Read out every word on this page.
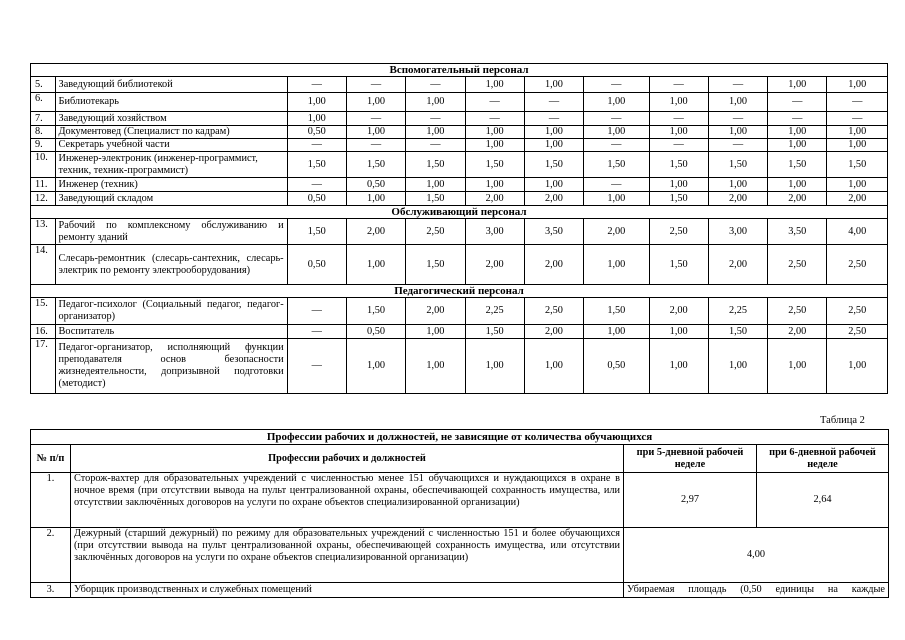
Вспомогательный персонал											
5.	Заведующий библиотекой	—	—	—	1,00	1,00	—	—	—	1,00	1,00
6.	Библиотекарь	1,00	1,00	1,00	—	—	1,00	1,00	1,00	—	—
7.	Заведующий хозяйством	1,00	—	—	—	—	—	—	—	—	—
8.	Документовед (Специалист по кадрам)	0,50	1,00	1,00	1,00	1,00	1,00	1,00	1,00	1,00	1,00
9.	Секретарь учебной части	—	—	—	1,00	1,00	—	—	—	1,00	1,00
10.	Инженер-электроник (инженер-программист, техник, техник-программист)	1,50	1,50	1,50	1,50	1,50	1,50	1,50	1,50	1,50	1,50
11.	Инженер (техник)	—	0,50	1,00	1,00	1,00	—	1,00	1,00	1,00	1,00
12.	Заведующий складом	0,50	1,00	1,50	2,00	2,00	1,00	1,50	2,00	2,00	2,00
Обслуживающий персонал											
13.	Рабочий по комплексному обслуживанию и ремонту зданий	1,50	2,00	2,50	3,00	3,50	2,00	2,50	3,00	3,50	4,00
14.	Слесарь-ремонтник (слесарь-сантехник, слесарь-электрик по ремонту электрооборудования)	0,50	1,00	1,50	2,00	2,00	1,00	1,50	2,00	2,50	2,50
Педагогический персонал											
15.	Педагог-психолог (Социальный педагог, педагог-организатор)	—	1,50	2,00	2,25	2,50	1,50	2,00	2,25	2,50	2,50
16.	Воспитатель	—	0,50	1,00	1,50	2,00	1,00	1,00	1,50	2,00	2,50
17.	Педагог-организатор, исполняющий функции преподавателя основ безопасности жизнедеятельности, допризывной подготовки (методист)	—	1,00	1,00	1,00	1,00	0,50	1,00	1,00	1,00	1,00
Таблица 2
Профессии рабочих и должностей, не зависящие от количества обучающихся			
№ п/п	Профессии рабочих и должностей	при 5-дневной рабочей неделе	при 6-дневной рабочей неделе
1.	Сторож-вахтер для образовательных учреждений с численностью менее 151 обучающихся и нуждающихся в охране в ночное время (при отсутствии вывода на пульт централизованной охраны, обеспечивающей сохранность имущества, или отсутствии заключённых договоров на услуги по охране объектов специализированной организации)	2,97	2,64
2.	Дежурный (старший дежурный) по режиму для образовательных учреждений с численностью 151 и более обучающихся (при отсутствии вывода на пульт централизованной охраны, обеспечивающей сохранность имущества, или отсутствии заключённых договоров на услуги по охране объектов специализированной организации)	4,00	
3.	Уборщик производственных и служебных помещений	Убираемая площадь (0,50 единицы на каждые	
